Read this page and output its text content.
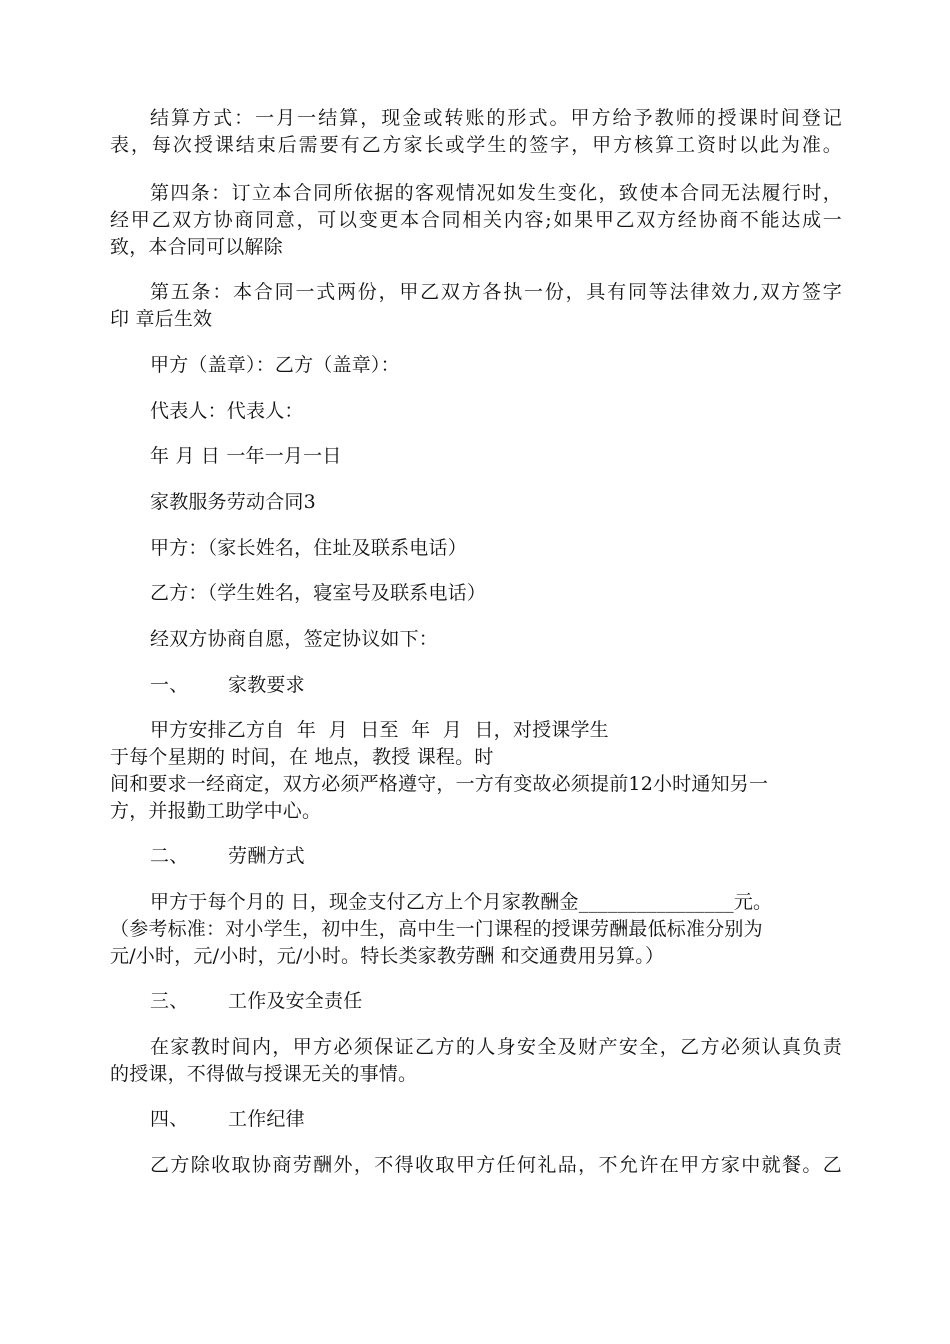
结算方式：一月一结算，现金或转账的形式。甲方给予教师的授课时间登记
表，每次授课结束后需要有乙方家长或学生的签字，甲方核算工资时以此为准。
第四条：订立本合同所依据的客观情况如发生变化，致使本合同无法履行时，
经甲乙双方协商同意，可以变更本合同相关内容;如果甲乙双方经协商不能达成一
致，本合同可以解除
第五条：本合同一式两份，甲乙双方各执一份，具有同等法律效力,双方签字
印 章后生效
甲方（盖章）：乙方（盖章）：
代表人：代表人：
年 月 日 一年一月一日
家教服务劳动合同3
甲方：（家长姓名，住址及联系电话）
乙方：（学生姓名，寝室号及联系电话）
经双方协商自愿，签定协议如下：
一、 家教要求
甲方安排乙方自  年  月  日至  年  月  日，对授课学生
于每个星期的 时间，在 地点，教授 课程。时
间和要求一经商定，双方必须严格遵守，一方有变故必须提前12小时通知另一
方，并报勤工助学中心。
二、 劳酬方式
甲方于每个月的 日，现金支付乙方上个月家教酬金________________元。
（参考标准：对小学生，初中生，高中生一门课程的授课劳酬最低标准分别为
元/小时，元/小时，元/小时。特长类家教劳酬 和交通费用另算。）
三、 工作及安全责任
在家教时间内，甲方必须保证乙方的人身安全及财产安全，乙方必须认真负责
的授课，不得做与授课无关的事情。
四、 工作纪律
乙方除收取协商劳酬外，不得收取甲方任何礼品，不允许在甲方家中就餐。乙
